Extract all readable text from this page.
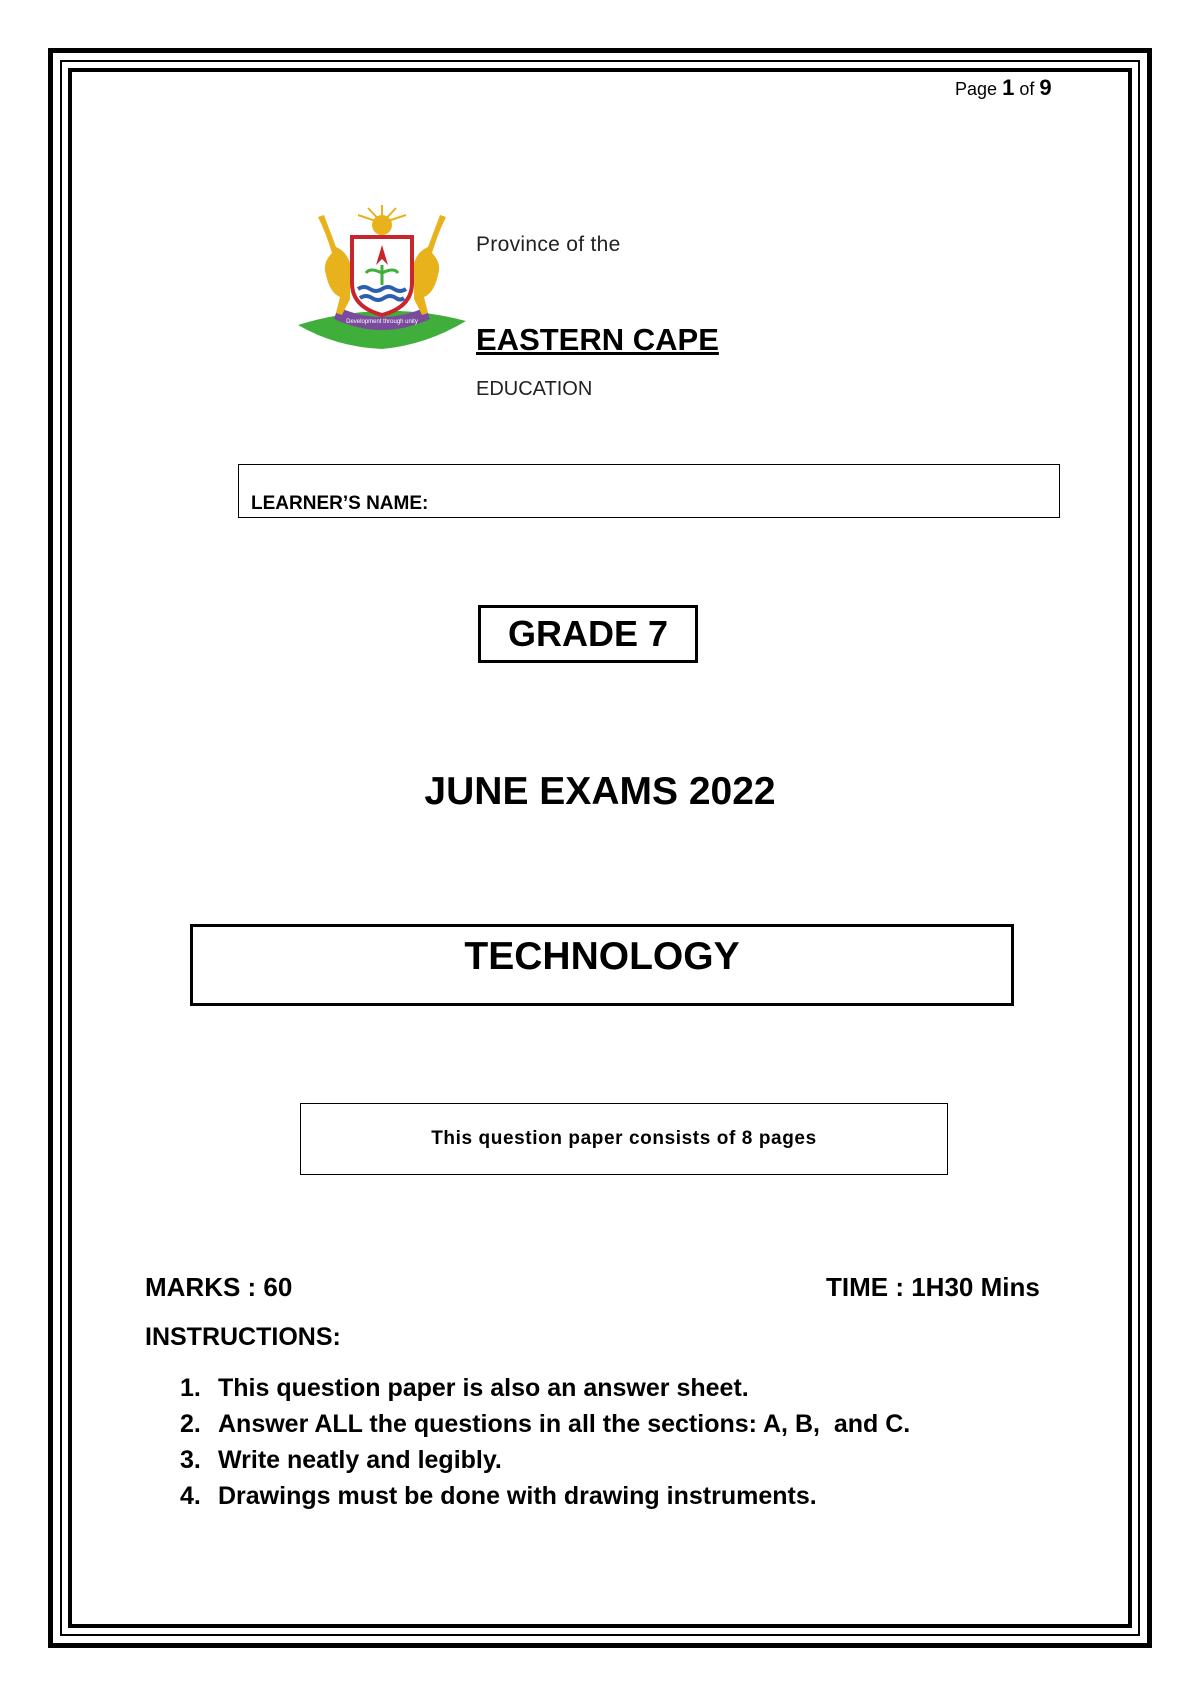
Page 1 of 9
Development through unity
Province of the
EASTERN CAPE
EDUCATION
LEARNER’S NAME:
GRADE 7
JUNE EXAMS 2022
TECHNOLOGY
This question paper consists of 8 pages
MARKS : 60	TIME : 1H30 Mins
INSTRUCTIONS:
1. This question paper is also an answer sheet.
2. Answer ALL the questions in all the sections: A, B,  and C.
3. Write neatly and legibly.
4. Drawings must be done with drawing instruments.
